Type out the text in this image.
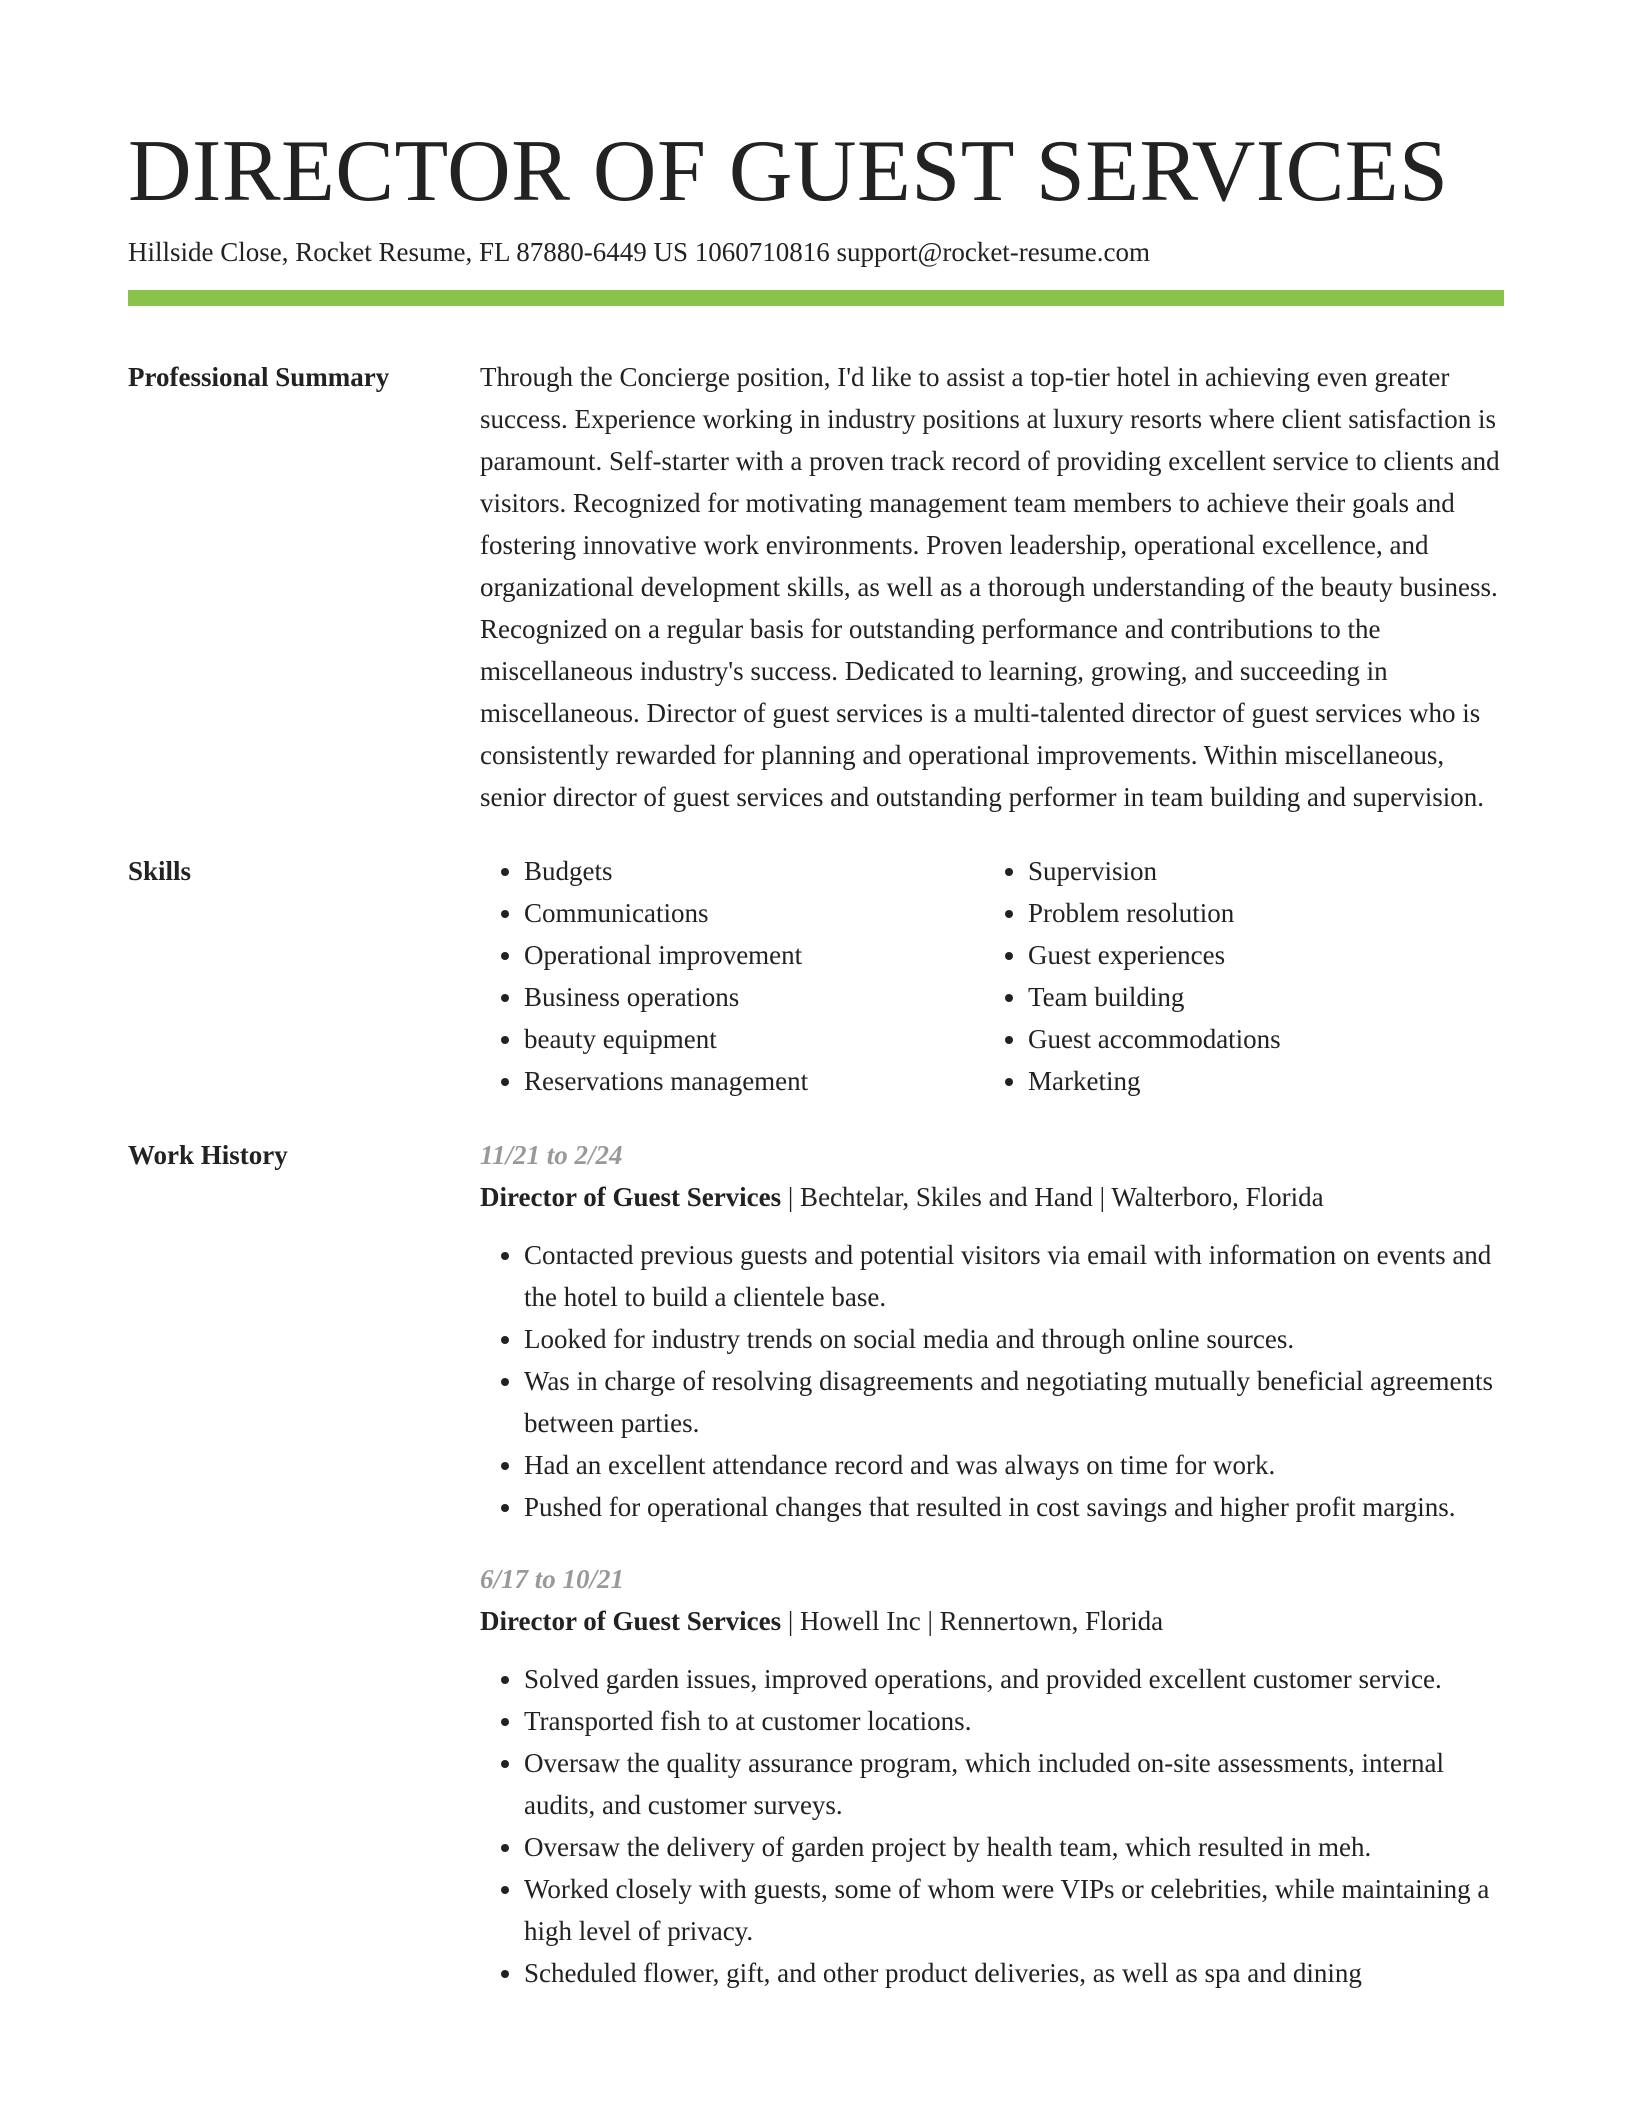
DIRECTOR OF GUEST SERVICES
Hillside Close, Rocket Resume, FL 87880-6449 US 1060710816 support@rocket-resume.com
Professional Summary	Through the Concierge position, I'd like to assist a top-tier hotel in achieving even greater success. Experience working in industry positions at luxury resorts where client satisfaction is paramount. Self-starter with a proven track record of providing excellent service to clients and visitors. Recognized for motivating management team members to achieve their goals and fostering innovative work environments. Proven leadership, operational excellence, and organizational development skills, as well as a thorough understanding of the beauty business. Recognized on a regular basis for outstanding performance and contributions to the miscellaneous industry's success. Dedicated to learning, growing, and succeeding in miscellaneous. Director of guest services is a multi-talented director of guest services who is consistently rewarded for planning and operational improvements. Within miscellaneous, senior director of guest services and outstanding performer in team building and supervision.

Skills
•	Budgets
• Communications
• Operational improvement
• Business operations
• beauty equipment
• Reservations management
• Supervision
• Problem resolution
• Guest experiences
• Team building
• Guest accommodations
• Marketing
Work History	11/21 to 2/24
Director of Guest Services | Bechtelar, Skiles and Hand | Walterboro, Florida
• Contacted previous guests and potential visitors via email with information on events and the hotel to build a clientele base.
• Looked for industry trends on social media and through online sources.
• Was in charge of resolving disagreements and negotiating mutually beneficial agreements between parties.
• Had an excellent attendance record and was always on time for work.
• Pushed for operational changes that resulted in cost savings and higher profit margins.
6/17 to 10/21
Director of Guest Services | Howell Inc | Rennertown, Florida
• Solved garden issues, improved operations, and provided excellent customer service.
• Transported fish to at customer locations.
• Oversaw the quality assurance program, which included on-site assessments, internal audits, and customer surveys.
• Oversaw the delivery of garden project by health team, which resulted in meh.
• Worked closely with guests, some of whom were VIPs or celebrities, while maintaining a high level of privacy.
• Scheduled flower, gift, and other product deliveries, as well as spa and dining
